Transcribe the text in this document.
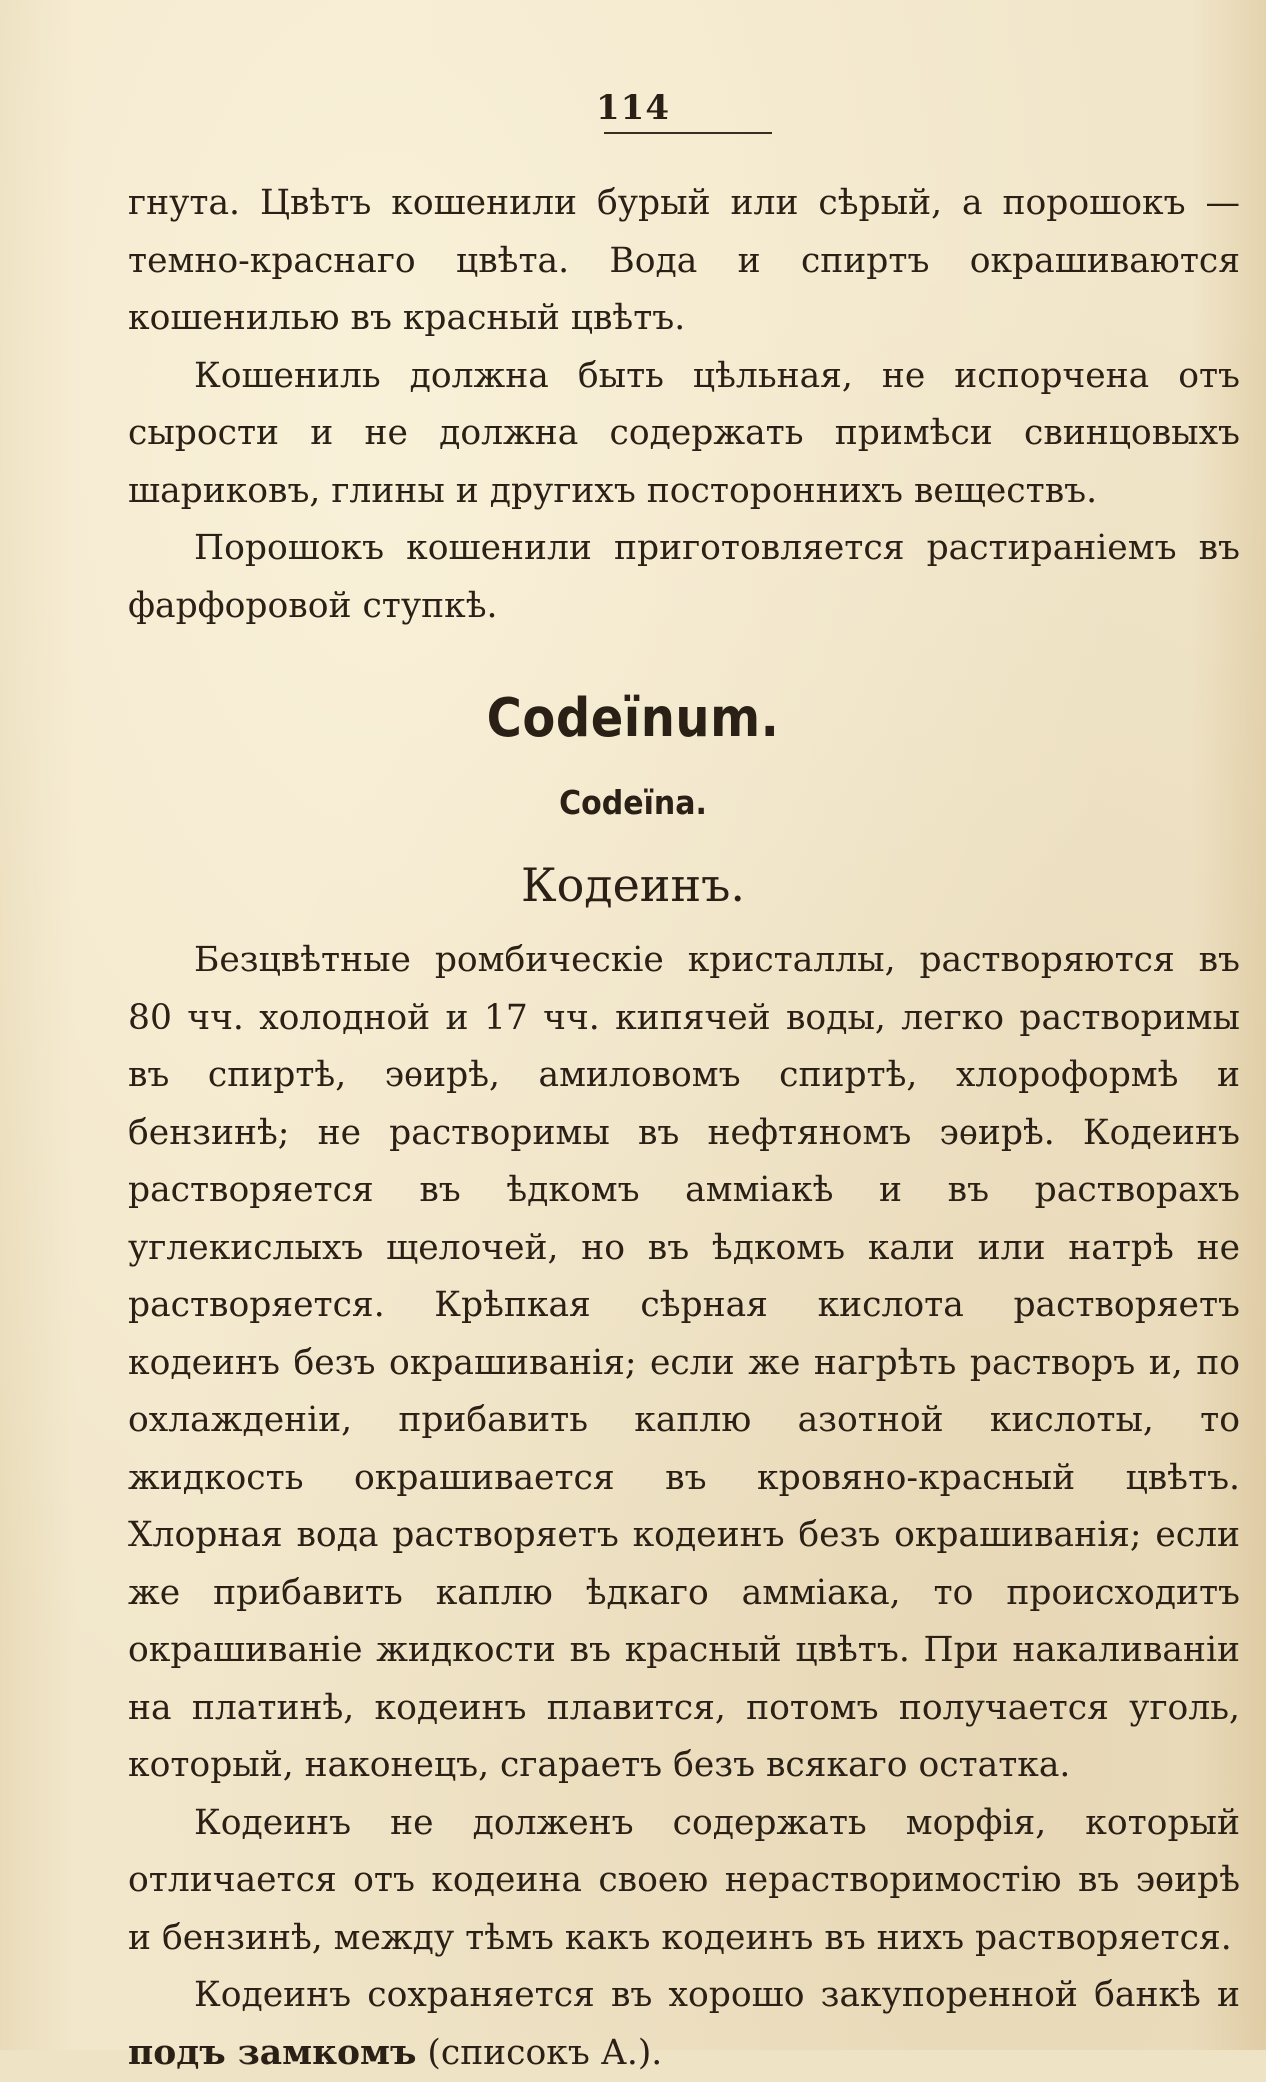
114

гнута. Цвѣтъ кошенили бурый или сѣрый, а порошокъ — темно-краснаго цвѣта. Вода и спиртъ окрашиваются кошенилью въ красный цвѣтъ.

Кошениль должна быть цѣльная, не испорчена отъ сырости и не должна содержать примѣси свинцовыхъ шариковъ, глины и другихъ постороннихъ веществъ.

Порошокъ кошенили приготовляется растиранiемъ въ фарфоровой ступкѣ.

Codeïnum.
Codeïna.
Кодеинъ.

Безцвѣтные ромбическiе кристаллы, растворяются въ 80 чч. холодной и 17 чч. кипячей воды, легко растворимы въ спиртѣ, эѳирѣ, амиловомъ спиртѣ, хлороформѣ и бензинѣ; не растворимы въ нефтяномъ эѳирѣ. Кодеинъ растворяется въ ѣдкомъ аммiакѣ и въ растворахъ углекислыхъ щелочей, но въ ѣдкомъ кали или натрѣ не растворяется. Крѣпкая сѣрная кислота растворяетъ кодеинъ безъ окрашиванiя; если же нагрѣть растворъ и, по охлажденiи, прибавить каплю азотной кислоты, то жидкость окрашивается въ кровяно-красный цвѣтъ. Хлорная вода растворяетъ кодеинъ безъ окрашиванiя; если же прибавить каплю ѣдкаго аммiака, то происходитъ окрашиванiе жидкости въ красный цвѣтъ. При накаливанiи на платинѣ, кодеинъ плавится, потомъ получается уголь, который, наконецъ, сгараетъ безъ всякаго остатка.

Кодеинъ не долженъ содержать морфiя, который отличается отъ кодеина своею нерастворимостiю въ эѳирѣ и бензинѣ, между тѣмъ какъ кодеинъ въ нихъ растворяется.

Кодеинъ сохраняется въ хорошо закупоренной банкѣ и подъ замкомъ (списокъ А.).
